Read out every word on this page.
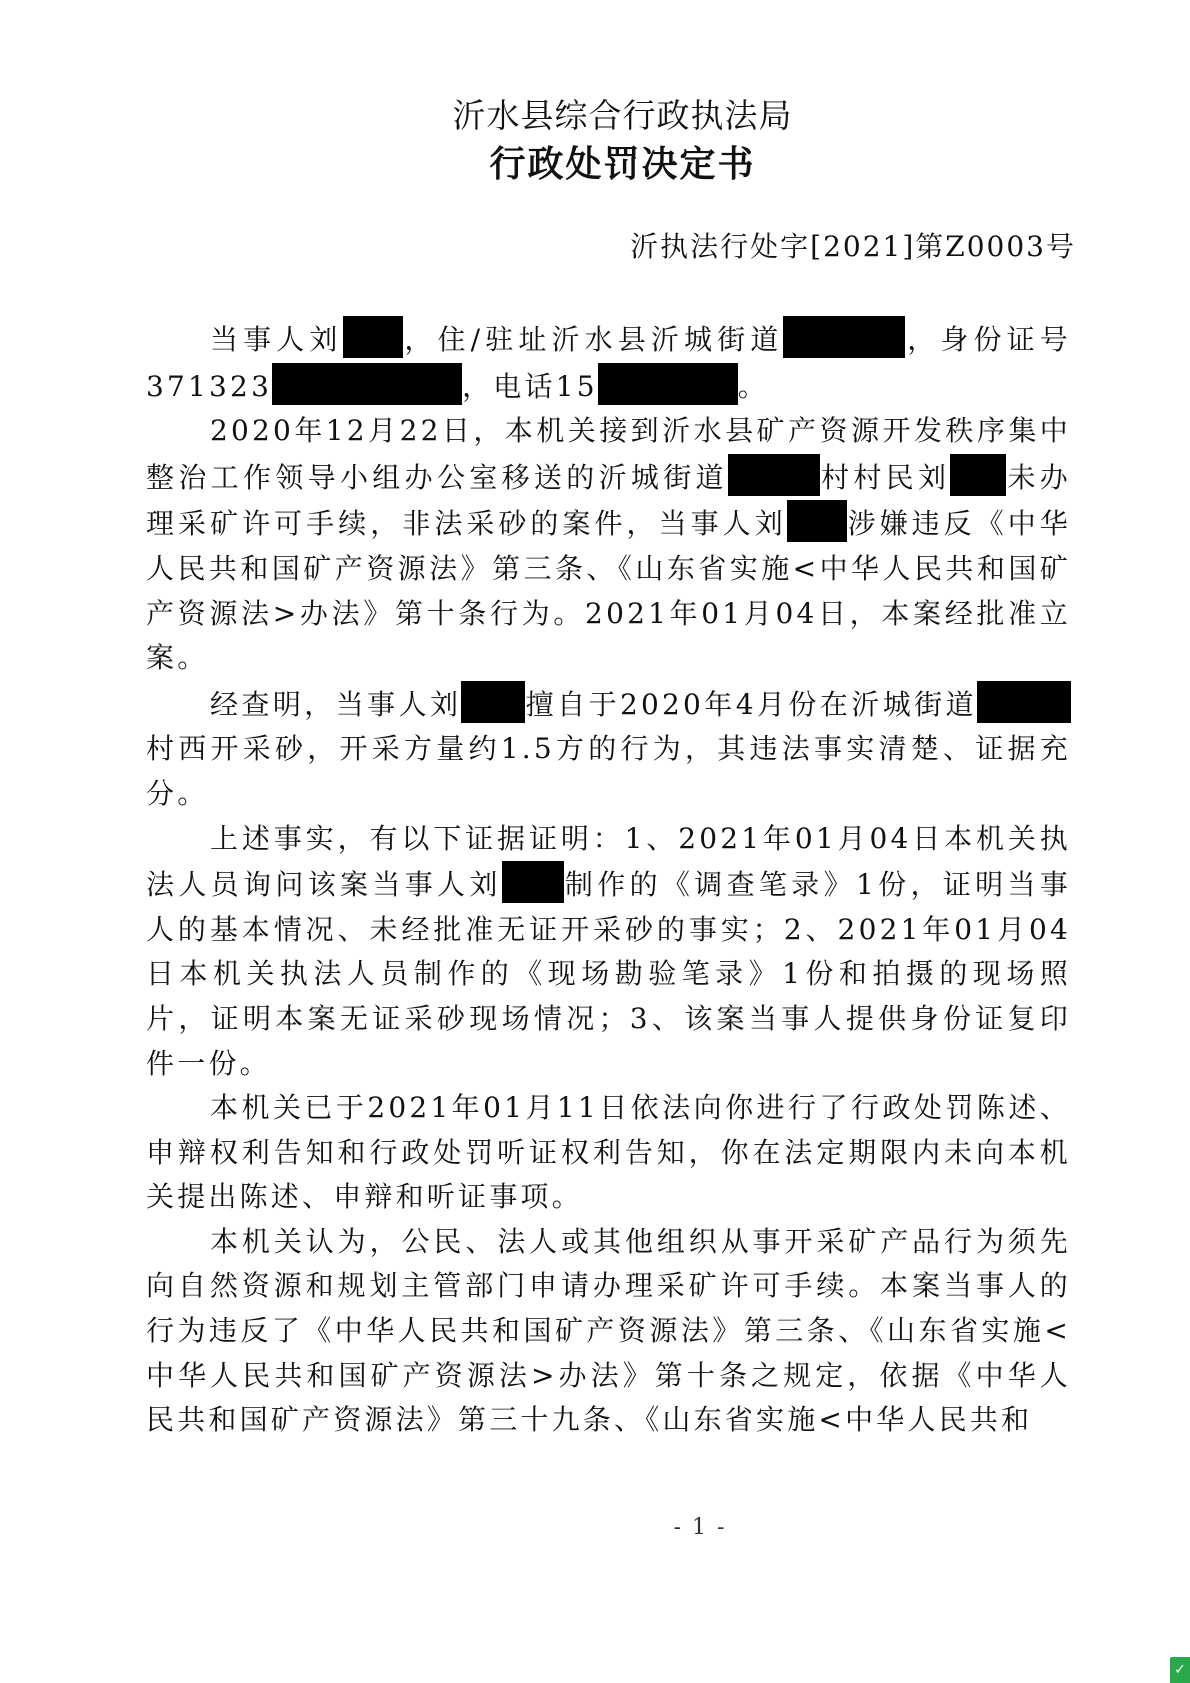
沂水县综合行政执法局
行政处罚决定书
沂执法行处字[2021]第Z0003号

当事人刘 ，住/驻址沂水县沂城街道	，身份证号371323	，电话15	。

2020年12月22日，本机关接到沂水县矿产资源开发秩序集中整治工作领导小组办公室移送的沂城街道	村村民刘 未办理采矿许可手续，非法采砂的案件，当事人刘 涉嫌违反《中华人民共和国矿产资源法》第三条、《山东省实施<中华人民共和国矿产资源法>办法》第十条行为。2021年01月04日，本案经批准立案。

经查明，当事人刘 擅自于2020年4月份在沂城街道村西开采砂，开采方量约1.5方的行为，其违法事实清楚、证据充分。

上述事实，有以下证据证明：1、2021年01月04日本机关执法人员询问该案当事人刘 制作的《调查笔录》1份，证明当事人的基本情况、未经批准无证开采砂的事实；2、2021年01月04日本机关执法人员制作的《现场勘验笔录》1份和拍摄的现场照片，证明本案无证采砂现场情况；3、该案当事人提供身份证复印件一份。

本机关已于2021年01月11日依法向你进行了行政处罚陈述、申辩权利告知和行政处罚听证权利告知，你在法定期限内未向本机关提出陈述、申辩和听证事项。

本机关认为，公民、法人或其他组织从事开采矿产品行为须先向自然资源和规划主管部门申请办理采矿许可手续。本案当事人的行为违反了《中华人民共和国矿产资源法》第三条、《山东省实施<中华人民共和国矿产资源法>办法》第十条之规定，依据《中华人民共和国矿产资源法》第三十九条、《山东省实施<中华人民共和

- 1 -
✓
